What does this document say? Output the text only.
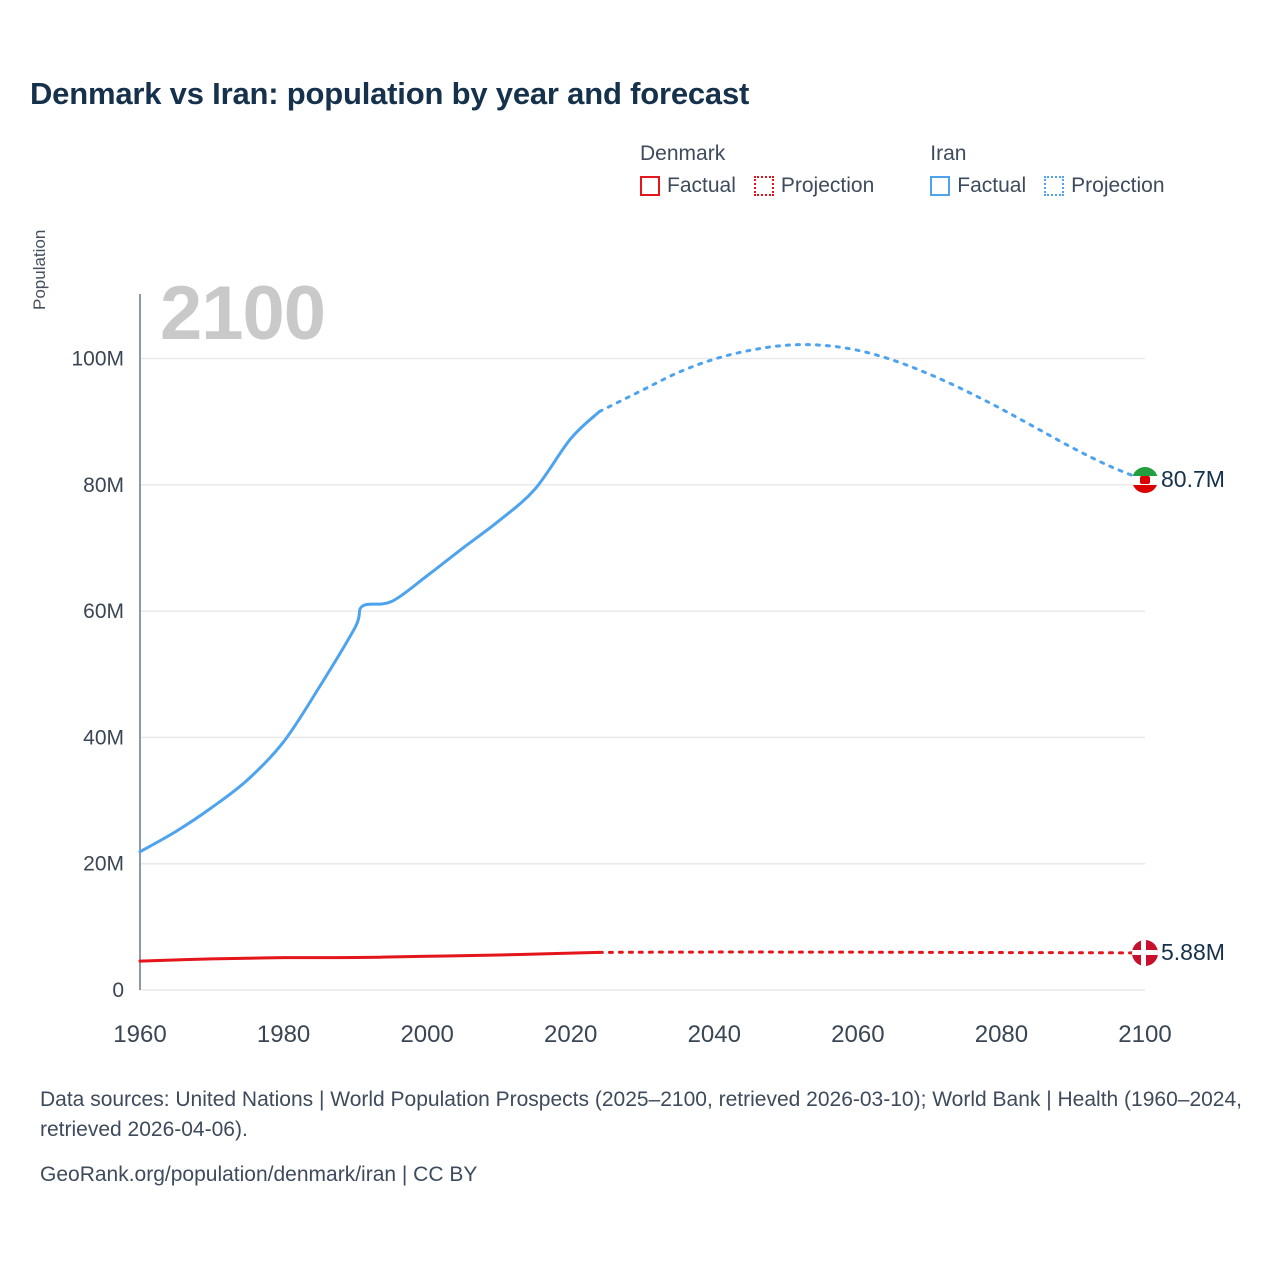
Denmark vs Iran: population by year and forecast
Denmark
Factual Projection
Iran
Factual Projection
2100
0
20M
40M
60M
80M
100M
1960	1980	2000	2020	2040	2060	2080	2100
80.7M
5.88M
Population
Data sources: United Nations | World Population Prospects (2025–2100, retrieved 2026-03-10); World Bank | Health (1960–2024, retrieved 2026-04-06).
GeoRank.org/population/denmark/iran | CC BY
